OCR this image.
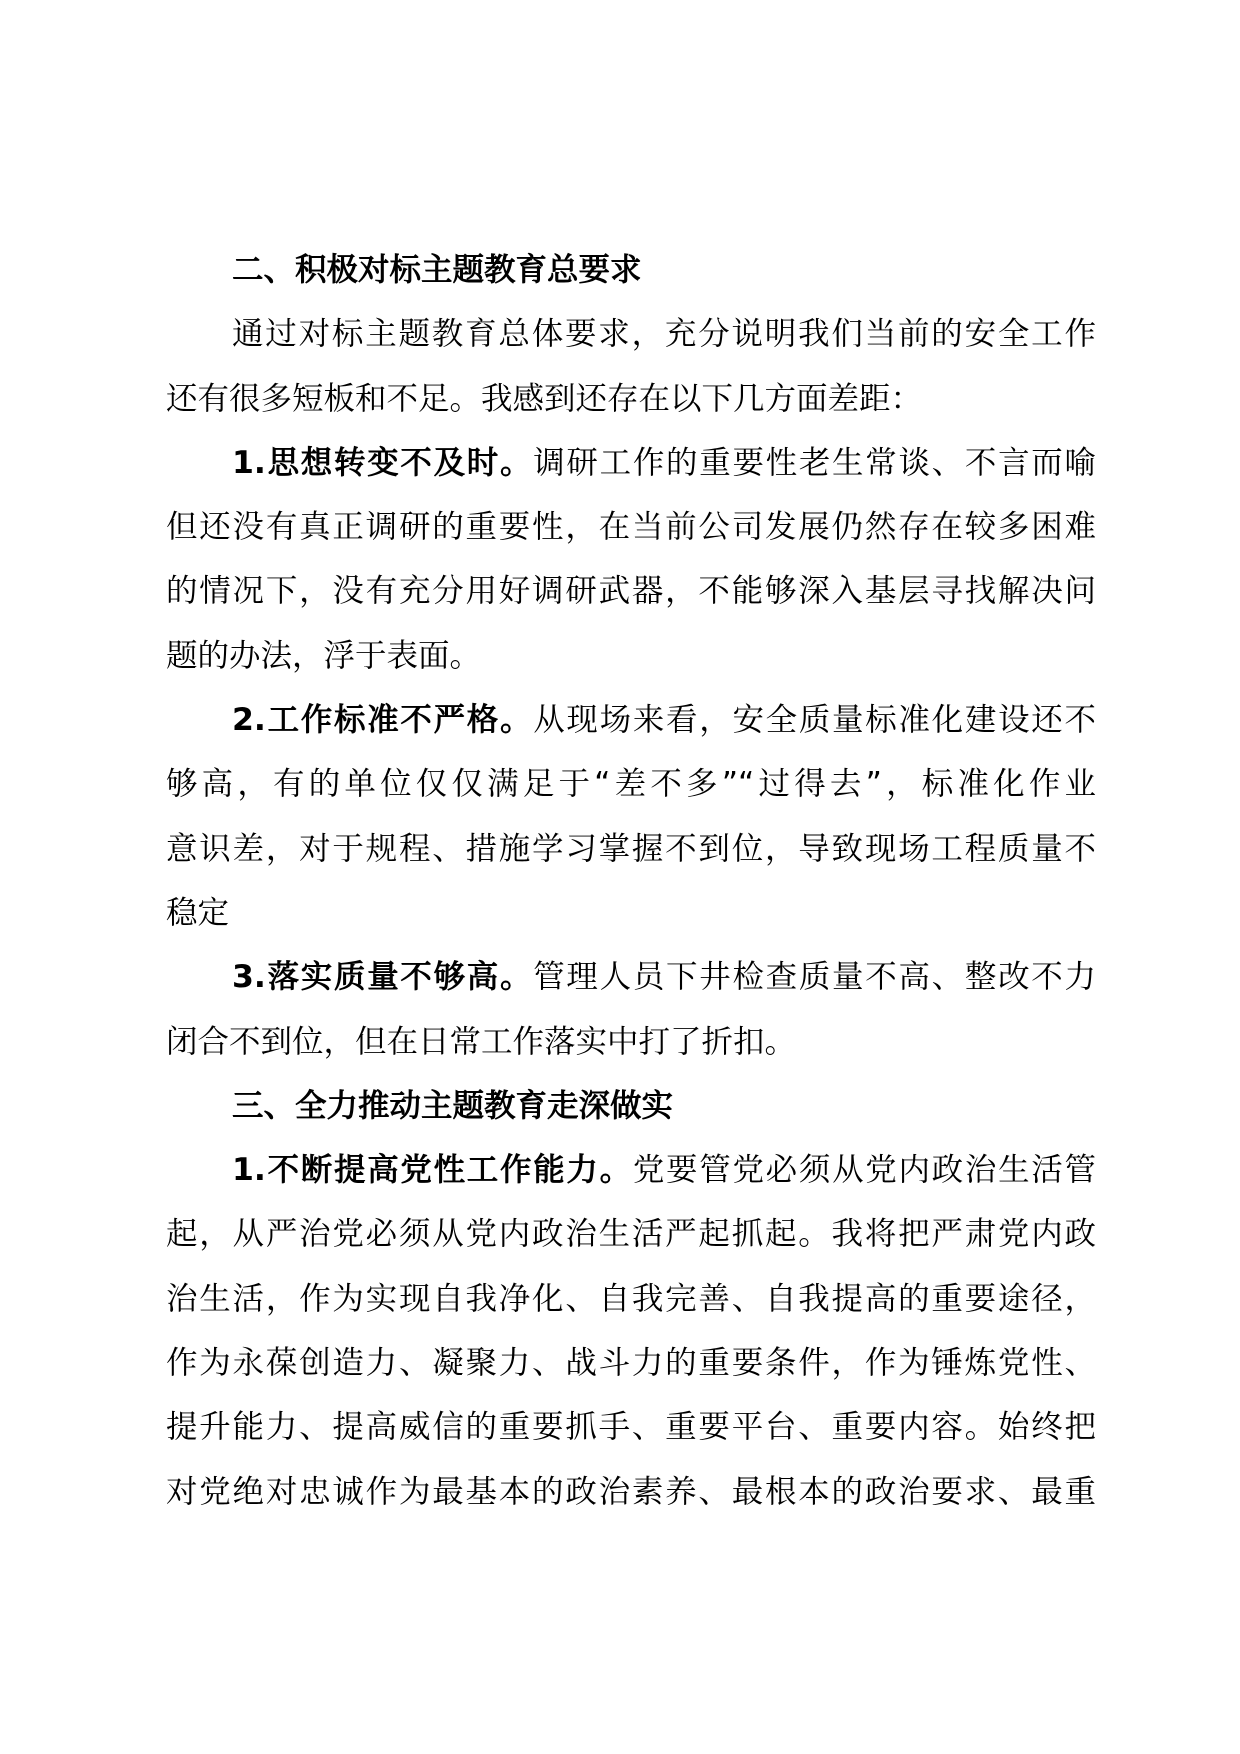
二、积极对标主题教育总要求
通过对标主题教育总体要求，充分说明我们当前的安全工作
还有很多短板和不足。我感到还存在以下几方面差距：
1.思想转变不及时。调研工作的重要性老生常谈、不言而喻
但还没有真正调研的重要性，在当前公司发展仍然存在较多困难
的情况下，没有充分用好调研武器，不能够深入基层寻找解决问
题的办法，浮于表面。
2.工作标准不严格。从现场来看，安全质量标准化建设还不
够高，有的单位仅仅满足于“差不多”“过得去”，标准化作业
意识差，对于规程、措施学习掌握不到位，导致现场工程质量不
稳定
3.落实质量不够高。管理人员下井检查质量不高、整改不力
闭合不到位，但在日常工作落实中打了折扣。
三、全力推动主题教育走深做实
1.不断提高党性工作能力。党要管党必须从党内政治生活管
起，从严治党必须从党内政治生活严起抓起。我将把严肃党内政
治生活，作为实现自我净化、自我完善、自我提高的重要途径，
作为永葆创造力、凝聚力、战斗力的重要条件，作为锤炼党性、
提升能力、提高威信的重要抓手、重要平台、重要内容。始终把
对党绝对忠诚作为最基本的政治素养、最根本的政治要求、最重
